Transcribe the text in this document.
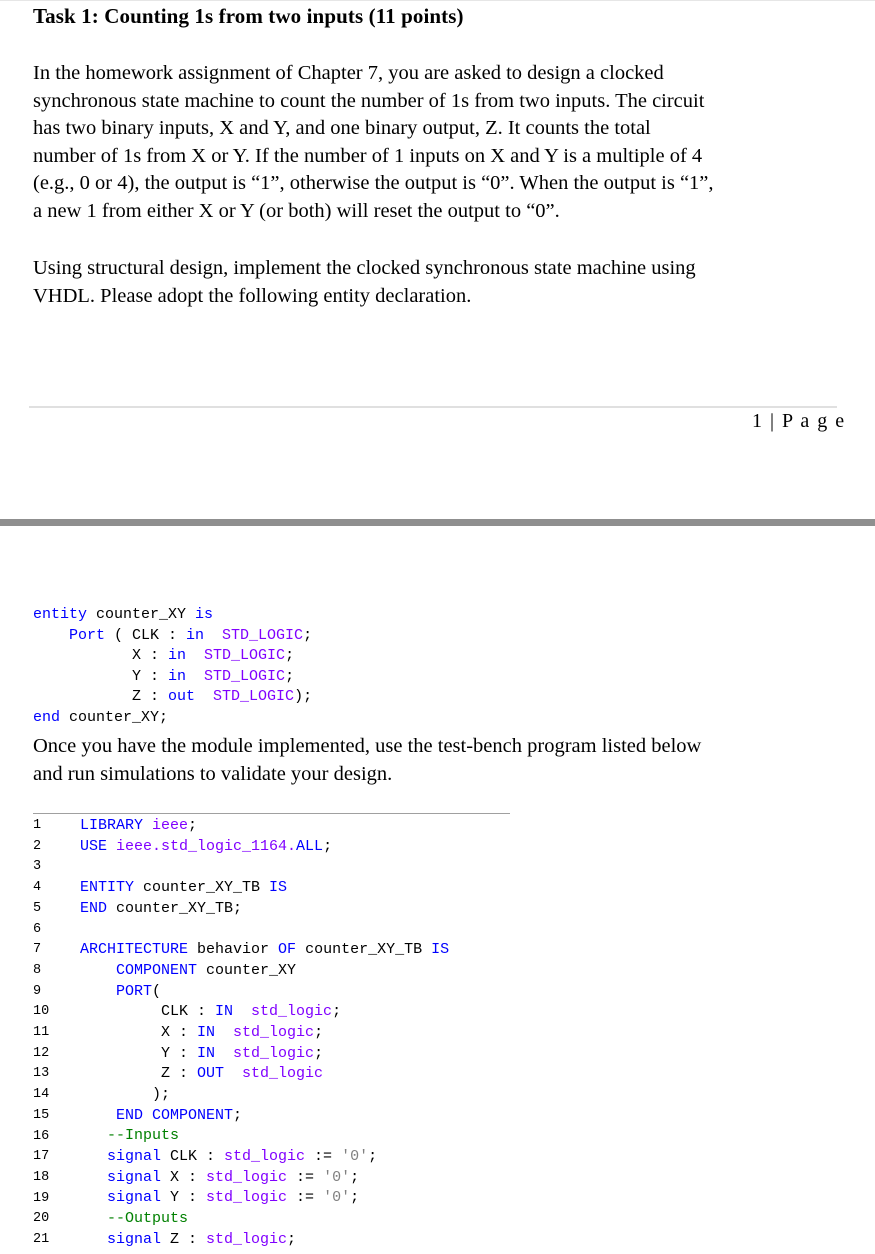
Task 1: Counting 1s from two inputs (11 points)
In the homework assignment of Chapter 7, you are asked to design a clocked
synchronous state machine to count the number of 1s from two inputs. The circuit
has two binary inputs, X and Y, and one binary output, Z. It counts the total
number of 1s from X or Y. If the number of 1 inputs on X and Y is a multiple of 4
(e.g., 0 or 4), the output is “1”, otherwise the output is “0”. When the output is “1”,
a new 1 from either X or Y (or both) will reset the output to “0”.
Using structural design, implement the clocked synchronous state machine using
VHDL. Please adopt the following entity declaration.
1 | P a g e
entity counter_XY is
Port ( CLK : in  STD_LOGIC;
X : in  STD_LOGIC;
Y : in  STD_LOGIC;
Z : out  STD_LOGIC);
end counter_XY;
Once you have the module implemented, use the test-bench program listed below
and run simulations to validate your design.
1
2
3
4
5
6
7
8
9
10
11
12
13
14
15
16
17
18
19
20
21
LIBRARY ieee;
USE ieee.std_logic_1164.ALL;

ENTITY counter_XY_TB IS
END counter_XY_TB;

ARCHITECTURE behavior OF counter_XY_TB IS
COMPONENT counter_XY
PORT(
CLK : IN  std_logic;
X : IN  std_logic;
Y : IN  std_logic;
Z : OUT  std_logic
);
END COMPONENT;
--Inputs
signal CLK : std_logic := '0';
signal X : std_logic := '0';
signal Y : std_logic := '0';
--Outputs
signal Z : std_logic;
